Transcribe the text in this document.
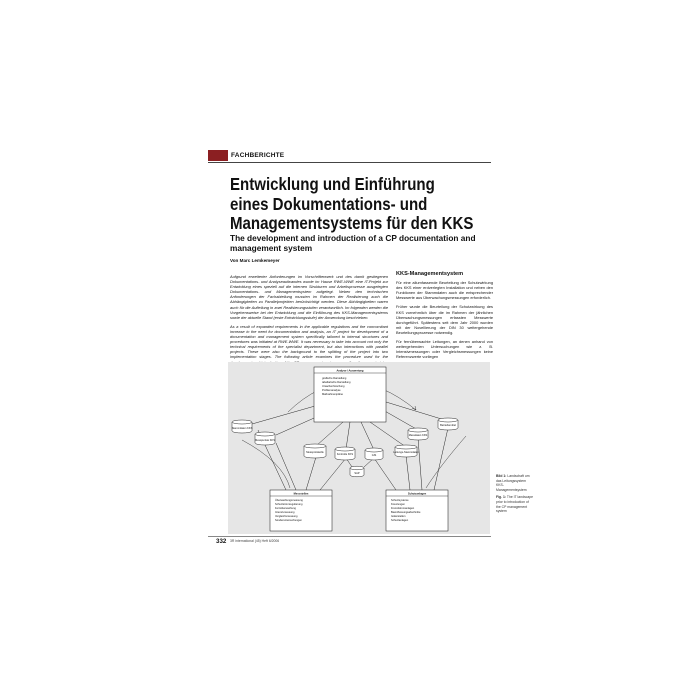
FACHBERICHTE
Entwicklung und Einführung
eines Dokumentations- und
Managementsystems für den KKS
The development and introduction of a CP documentation and management system
Von Marc Lemkemeyer

Aufgrund erweiterter Anforderungen im Vorschriftenwerk und des damit gestiegenen Dokumentations- und Analyseaufwandes wurde im Hause RWE-WWE eine IT-Projekt zur Entwicklung eines speziell auf die internen Strukturen und Arbeitsprozesse ausgelegten Dokumentations- und Managementsystem aufgelegt. Neben den technischen Anforderungen der Fachabteilung mussten im Rahmen der Realisierung auch die Abhängigkeiten zu Parallelprojekten berücksichtigt werden. Diese Abhängigkeiten waren auch für die Aufteilung in zwei Realisierungsstufen verantwortlich. Im folgenden werden die Vorgehensweise bei der Entwicklung und die Einführung des KKS-Managementsystems sowie der aktuelle Stand (erste Entwicklungsstufe) der Anwendung beschrieben.

As a result of expanded requirements in the applicable regulations and the concomitant increase in the need for documentation and analysis, an IT project for development of a documentation and management system specifically tailored to internal structures and procedures was initiated at RWE-WWE. It was necessary to take into account not only the technical requirements of the specialist department, but also interactions with parallel projects. These were also the background to the splitting of the project into two implementation stages. The following article examines the procedure used for the

KKS-Managementsystem

Für eine allumfassende Beurteilung der Schutzwirkung des KKS einer erdverlegten Installation und neben den Funktionen der Stammdaten auch die entsprechender Messwerte aus Überwachungsmessungen erforderlich.

Früher wurde die Beurteilung der Schutzwirkung des KKS vornehmlich über die im Rahmen der jährlichen Überwachungsmessungen erfassten Messwerte durchgeführt. Spätestens seit dem Jahr 2000 wurden mit der Novellierung der DIN 30 weitergehende Beurteilungsprozesse notwendig.

Für fernüberwachte Leitungen, an denen anhand von weitergehenden Untersuchungen wie z. B. Intensivmessungen oder Vergleichsmessungen keine Referenzwerte vorliegen

Analyse / Auswertung
grafische Darstellung
tabellarische Darstellung
Ursachenforschung
Problemanalyse
Maßnahmenpläne
Stammdaten KKS
Messpunkte KKS
Messprotokolle
Kontrolle KKS	GIS
Leitungs-Stammdaten
Messdaten KKS
Betriebsmittel
SAP
Messstellen
Überwachungsmessung
Schutzstromregulierung
Fernüberwachung
Intensivmessung
Vergleichsmessung
Sonderuntersuchungen
Schutzanlagen
Schutzsysteme
Kreuzungen
Fremdstromanlagen
Beeinflussungsabschnitte
Isolierstellen
Schutzanlagen

Bild 1: Landschaft um das Leitungssystem KKS-Managementsystem

Fig. 1: The IT landscape prior to introduction of the CP management system

332 3R international (45) Heft 6/2006
